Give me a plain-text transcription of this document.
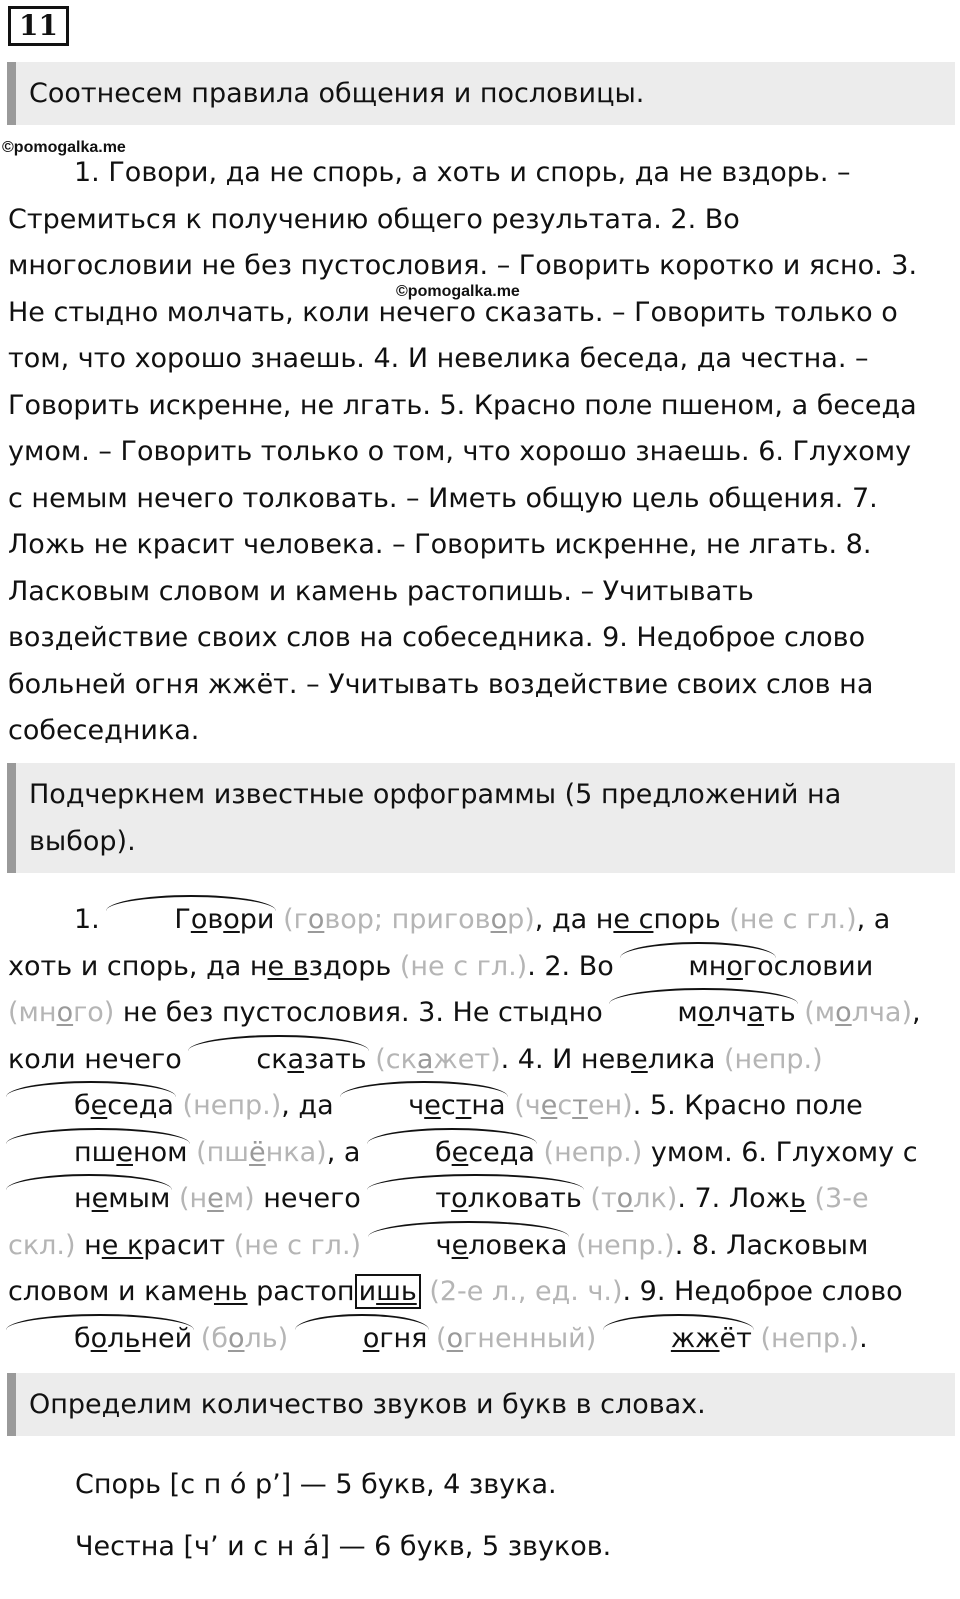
11
Соотнесем правила общения и пословицы.
©pomogalka.me
©pomogalka.me

1. Говори, да не спорь, а хоть и спорь, да не вздорь. – Стремиться к получению общего результата. 2. Во многословии не без пустословия. – Говорить коротко и ясно. 3. Не стыдно молчать, коли нечего сказать. – Говорить только о том, что хорошо знаешь. 4. И невелика беседа, да честна. – Говорить искренне, не лгать. 5. Красно поле пшеном, а беседа умом. – Говорить только о том, что хорошо знаешь. 6. Глухому с немым нечего толковать. – Иметь общую цель общения. 7. Ложь не красит человека. – Говорить искренне, не лгать. 8. Ласковым словом и камень растопишь. – Учитывать воздействие своих слов на собеседника. 9. Недоброе слово больней огня жжёт. – Учитывать воздействие своих слов на собеседника.

Подчеркнем известные орфограммы (5 предложений на выбор).

1. Говори (говор; приговор), да не спорь (не с гл.), а хоть и спорь, да не вздорь (не с гл.). 2. Во многословии (много) не без пустословия. 3. Не стыдно молчать (молча), коли нечего сказать (скажет). 4. И невелика (непр.) беседа (непр.), да честна (честен). 5. Красно поле пшеном (пшёнка), а беседа (непр.) умом. 6. Глухому с немым (нем) нечего толковать (толк). 7. Ложь (3-е скл.) не красит (не с гл.)	человека (непр.). 8. Ласковым словом и камень растоп ишь (2-е л., ед. ч.). 9. Недоброе слово больней (боль)	огня (огненный)	жжёт (непр.).

Определим количество звуков и букв в словах.
Спорь [с п ó р’] — 5 букв, 4 звука.
Честна [ч’ и с н á] — 6 букв, 5 звуков.
